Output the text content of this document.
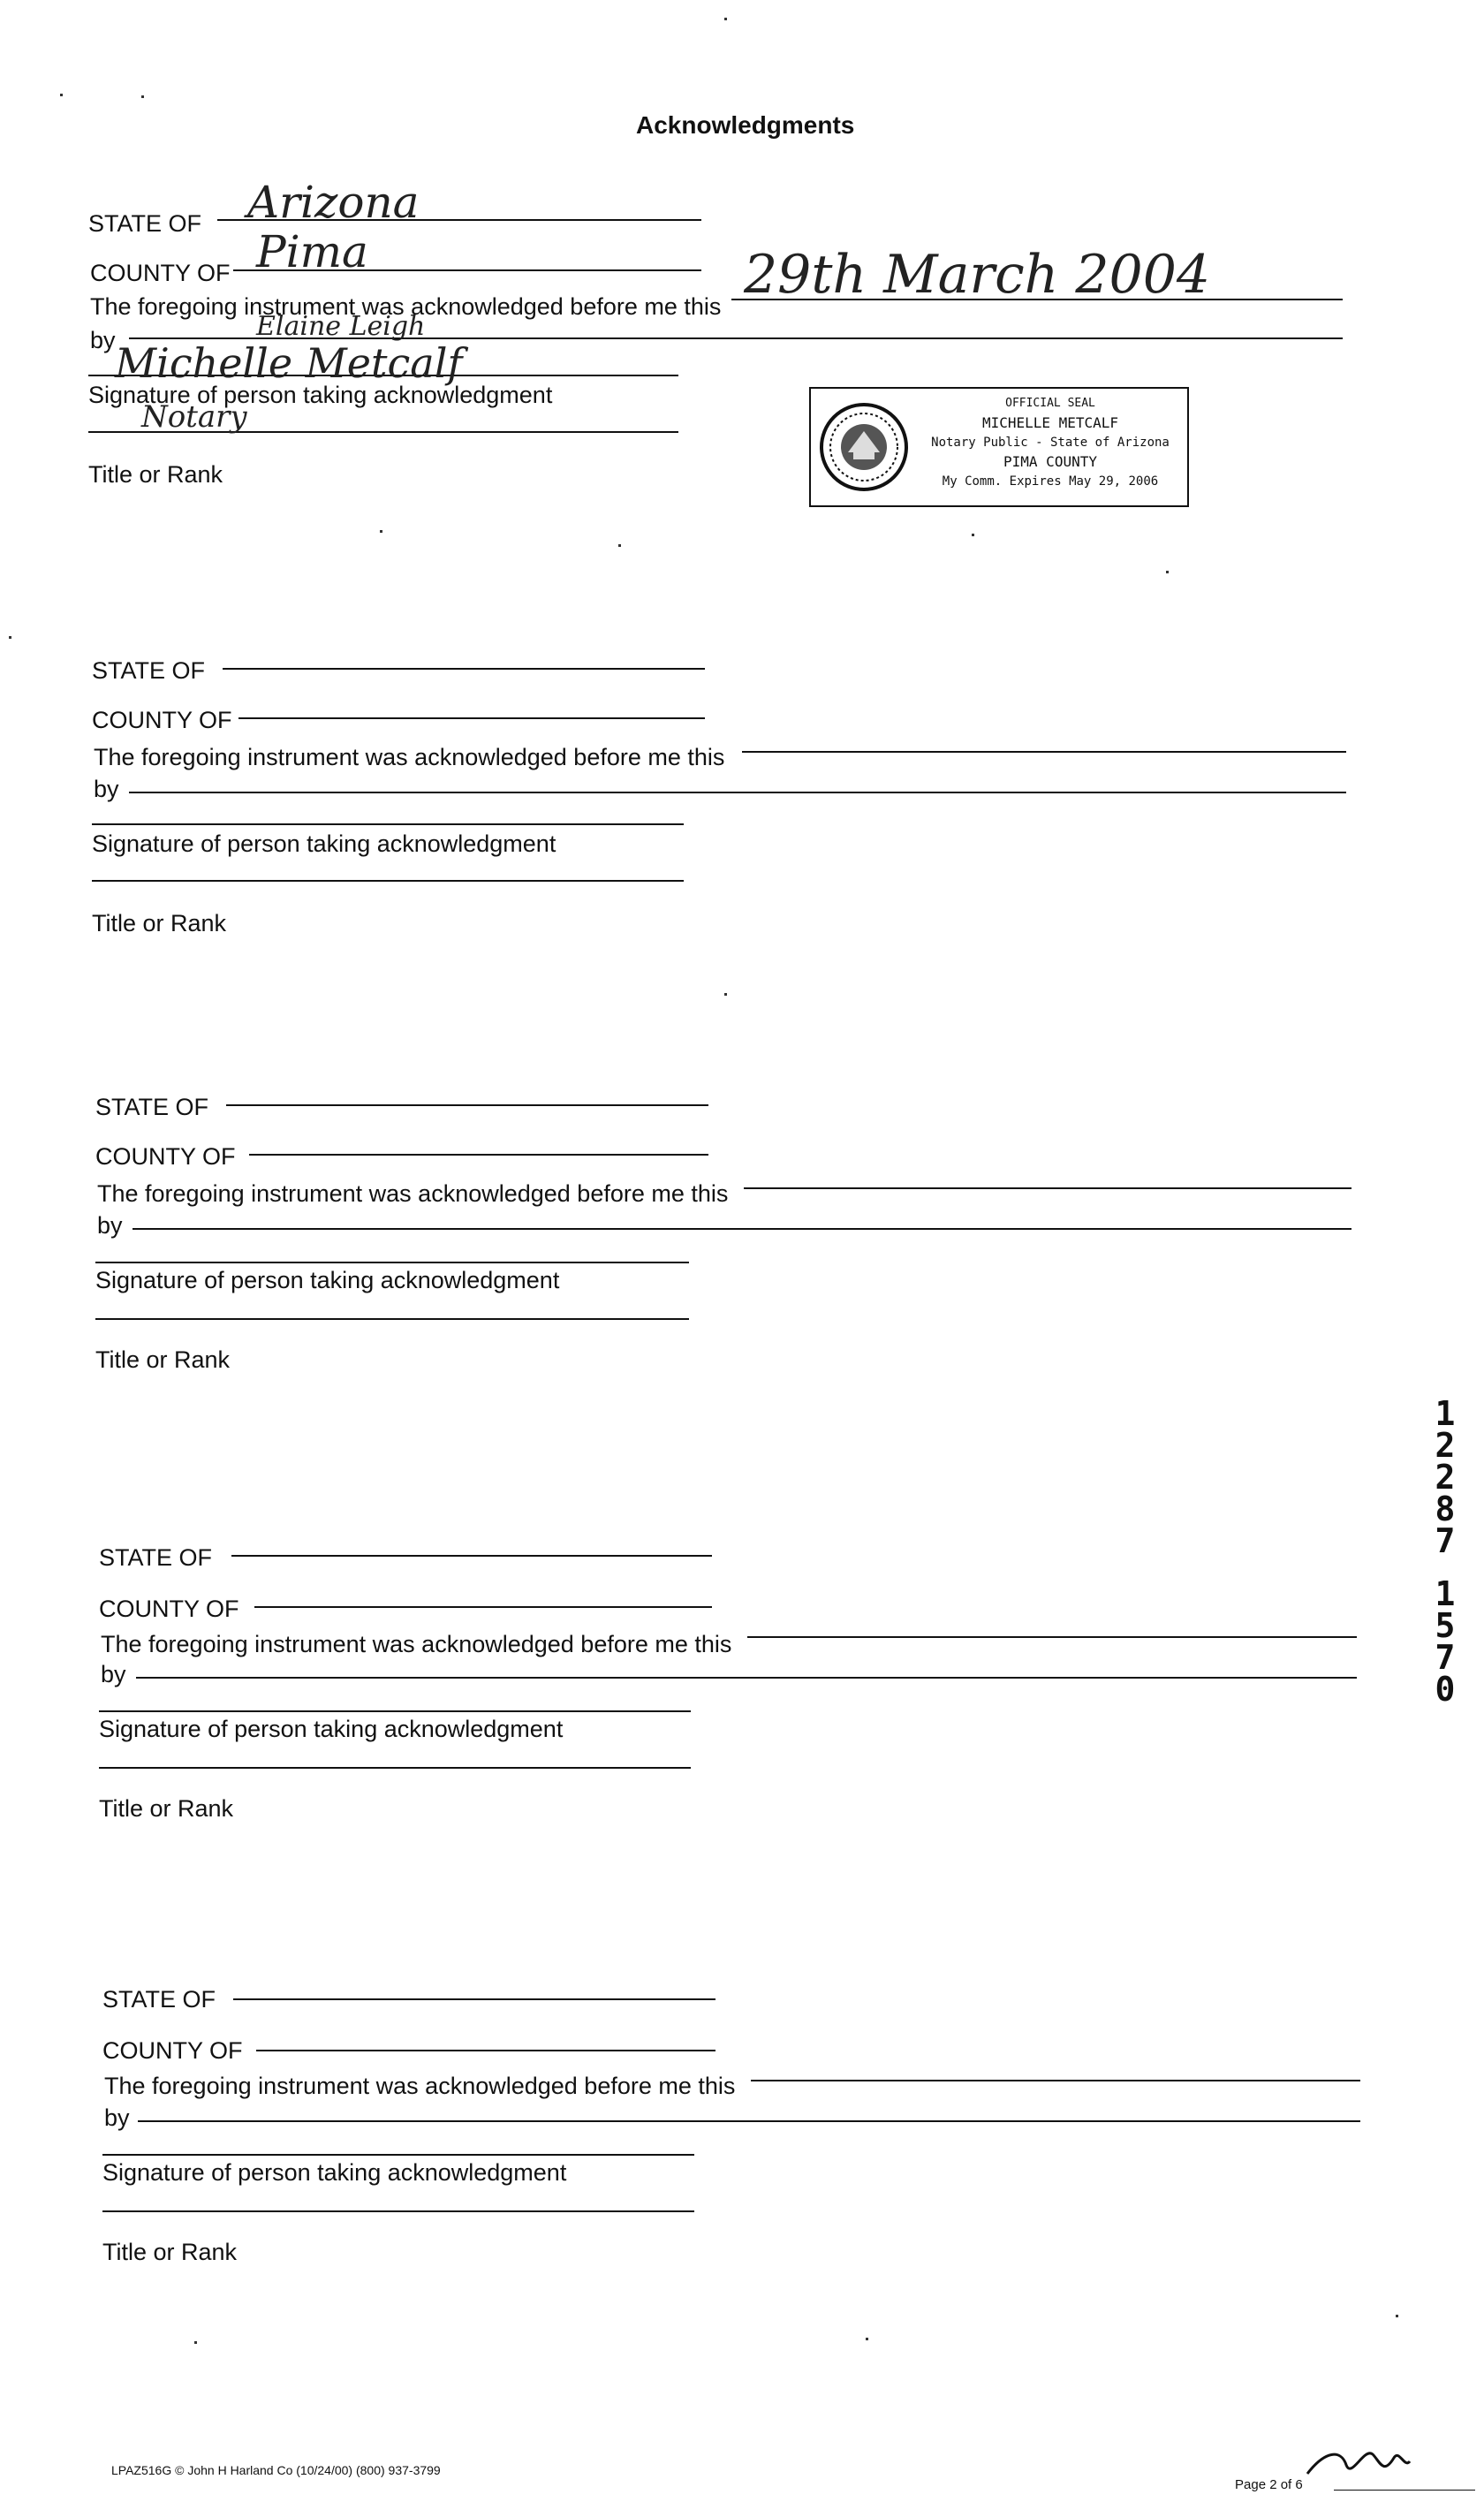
Acknowledgments
STATE OF Arizona
COUNTY OF Pima
The foregoing instrument was acknowledged before me this
29th March 2004
by	Elaine Leigh
Michelle Metcalf
Signature of person taking acknowledgment
Notary
Title or Rank
OFFICIAL SEAL
MICHELLE METCALF
Notary Public - State of Arizona
PIMA COUNTY
My Comm. Expires May 29, 2006
STATE OF
COUNTY OF
The foregoing instrument was acknowledged before me this
by
Signature of person taking acknowledgment
Title or Rank
STATE OF
COUNTY OF
The foregoing instrument was acknowledged before me this
by
Signature of person taking acknowledgment
Title or Rank
STATE OF
COUNTY OF
The foregoing instrument was acknowledged before me this
by
Signature of person taking acknowledgment
Title or Rank
STATE OF
COUNTY OF
The foregoing instrument was acknowledged before me this
by
Signature of person taking acknowledgment
Title or Rank
1
2
2
8
7
1
5
7
0
LPAZ516G © John H Harland Co (10/24/00) (800) 937-3799
Page 2 of 6
